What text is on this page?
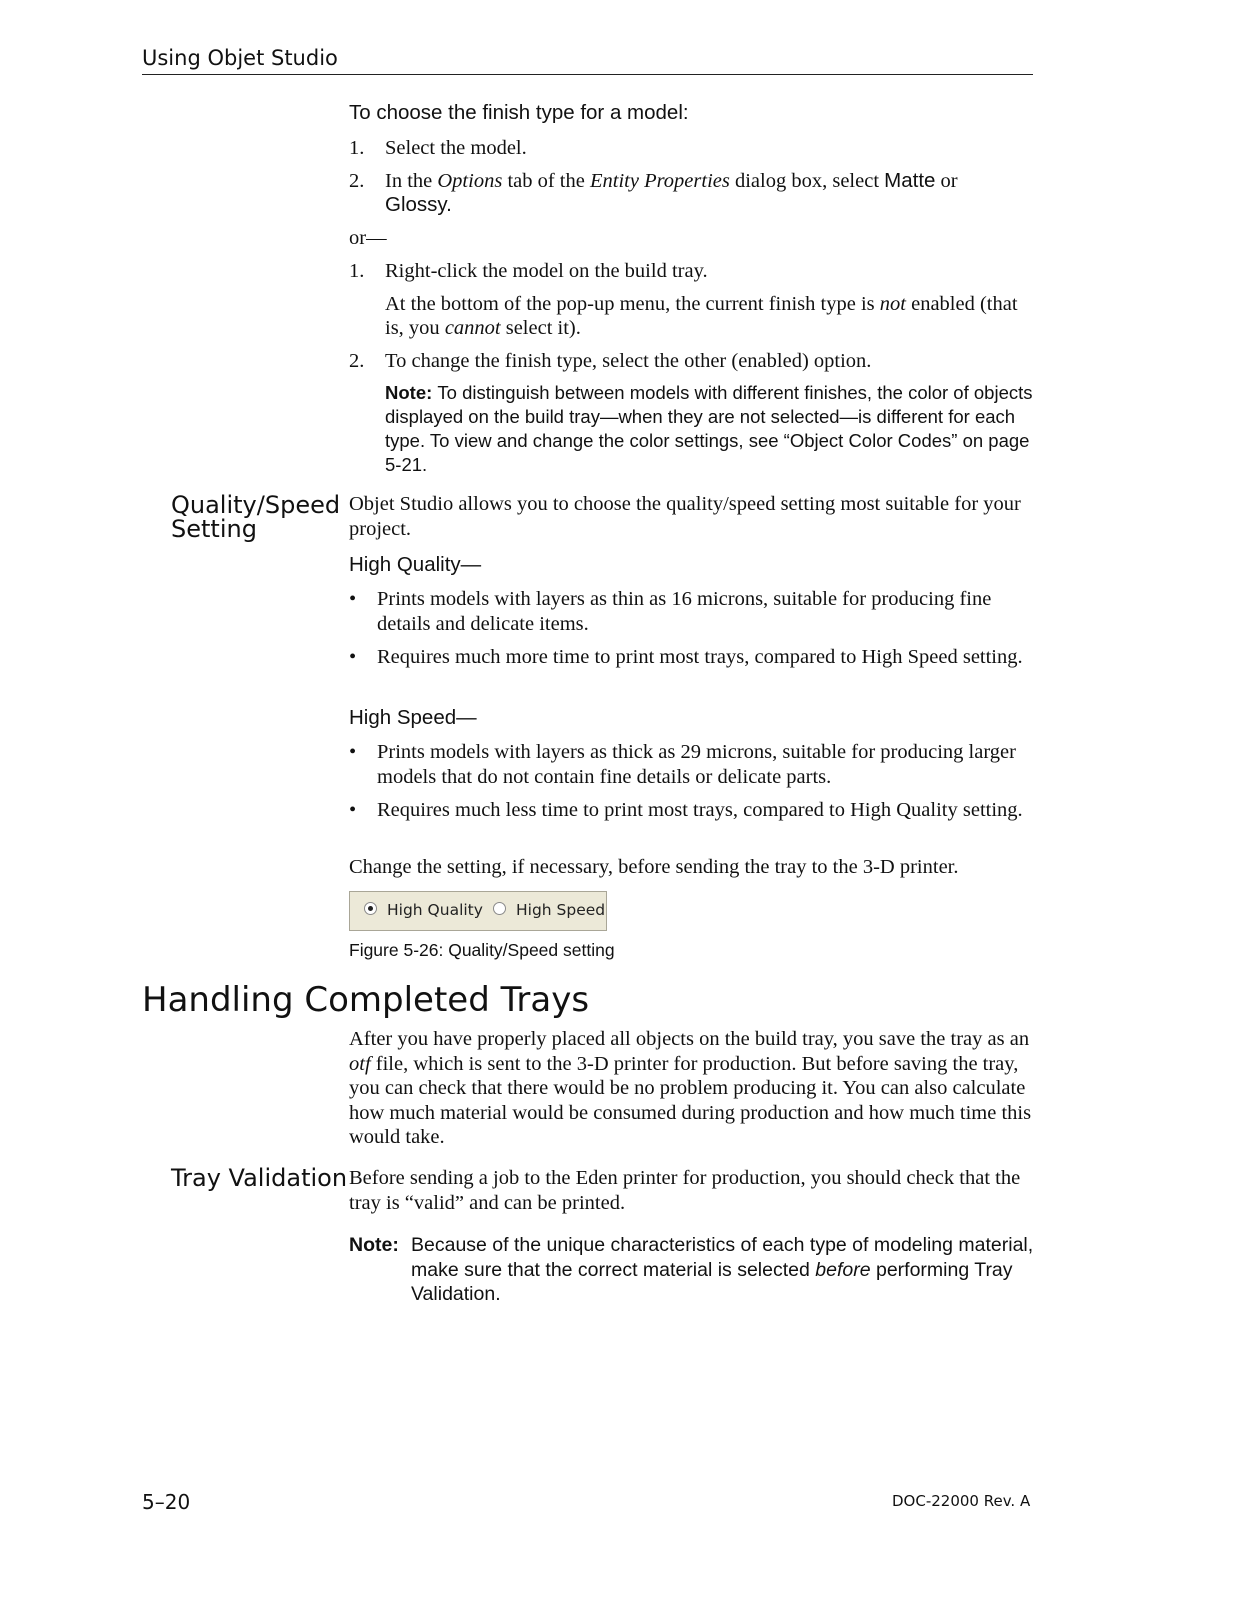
Using Objet Studio
To choose the finish type for a model:
1. Select the model.
2. In the Options tab of the Entity Properties dialog box, select Matte or
Glossy.
or—
1. Right-click the model on the build tray.
At the bottom of the pop-up menu, the current finish type is not enabled (that is, you cannot select it).
2. To change the finish type, select the other (enabled) option.
Note: To distinguish between models with different finishes, the color of objects displayed on the build tray—when they are not selected—is different for each type. To view and change the color settings, see “Object Color Codes” on page 5-21.
Quality/Speed
Setting
Objet Studio allows you to choose the quality/speed setting most suitable for your project.
High Quality—
• Prints models with layers as thin as 16 microns, suitable for producing fine details and delicate items.
• Requires much more time to print most trays, compared to High Speed setting.
High Speed—
• Prints models with layers as thick as 29 microns, suitable for producing larger models that do not contain fine details or delicate parts.
• Requires much less time to print most trays, compared to High Quality setting.
Change the setting, if necessary, before sending the tray to the 3-D printer.
High Quality High Speed
Figure 5-26: Quality/Speed setting
Handling Completed Trays
After you have properly placed all objects on the build tray, you save the tray as an otf file, which is sent to the 3-D printer for production. But before saving the tray, you can check that there would be no problem producing it. You can also calculate how much material would be consumed during production and how much time this would take.
Tray Validation Before sending a job to the Eden printer for production, you should check that the tray is “valid” and can be printed.
Note: Because of the unique characteristics of each type of modeling material, make sure that the correct material is selected before performing Tray Validation.
5–20	DOC-22000 Rev. A
